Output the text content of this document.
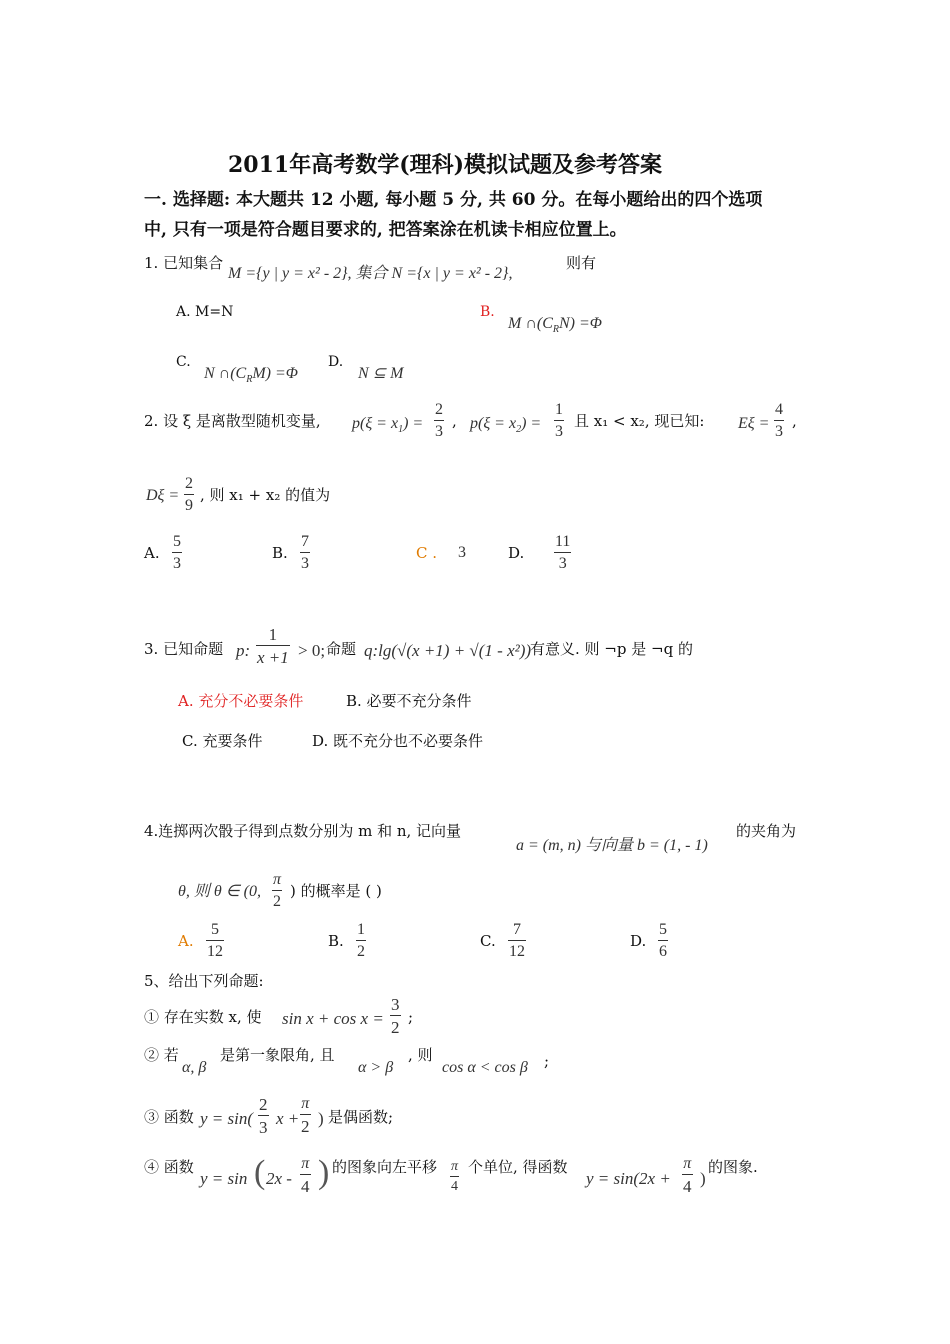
2011年高考数学(理科)模拟试题及参考答案
一. 选择题: 本大题共 12 小题, 每小题 5 分, 共 60 分。在每小题给出的四个选项
中, 只有一项是符合题目要求的, 把答案涂在机读卡相应位置上。
1. 已知集合
M ={y | y = x² - 2}, 集合 N ={x | y = x² - 2},
则有
A. M=N	B.
M $\cap(C_RN) =\Phi$
C.
N $\cap(C_RM) =\Phi$
D.
N ⊆ M
2. 设 ξ 是离散型随机变量, $p(\xi = x_1) = \frac{2}{3}$ , $p(\xi = x_2) = \frac{1}{3}$ 且 x₁ < x₂, 现已知: $E\xi = \frac{4}{3}$ ,
$D\xi = \frac{2}{9}$ , 则 x₁ + x₂ 的值为
A. $\frac{5}{3}$	B. $\frac{7}{3}$	C . 3	D. $\frac{11}{3}$
3. 已知命题 p: $\frac{1}{x +1} > 0$; 命题 q:lg(√(x +1) + √(1 - x²))
有意义. 则 ¬p 是 ¬q 的
A. 充分不必要条件	B. 必要不充分条件
C. 充要条件	D. 既不充分也不必要条件
4.连掷两次骰子得到点数分别为 m 和 n, 记向量
a = (m, n) 与向量 b = (1, - 1)
的夹角为
θ, 则 θ ∈ (0, $\frac{\pi}{2}$ ) 的概率是 ( )
A. $\frac{5}{12}$	B. $\frac{1}{2}$	C. $\frac{7}{12}$	D. $\frac{5}{6}$
5、给出下列命题:
① 存在实数 x, 使 $\sin x + \cos x = \frac{3}{2}$ ;
② 若
α, β
是第一象限角, 且
α > β
, 则
cos α < cos β ;
③ 函数 $y = \sin( \frac{2}{3}$ $x + \frac{\pi}{2}$ ) 是偶函数;
④ 函数
y = sin ( $2x - \frac{\pi}{4}$ ) 的图象向左平移 $\frac{\pi}{4}$ 个单位, 得函数
$y = \sin(2x + \frac{\pi}{4}$ )
的图象.
